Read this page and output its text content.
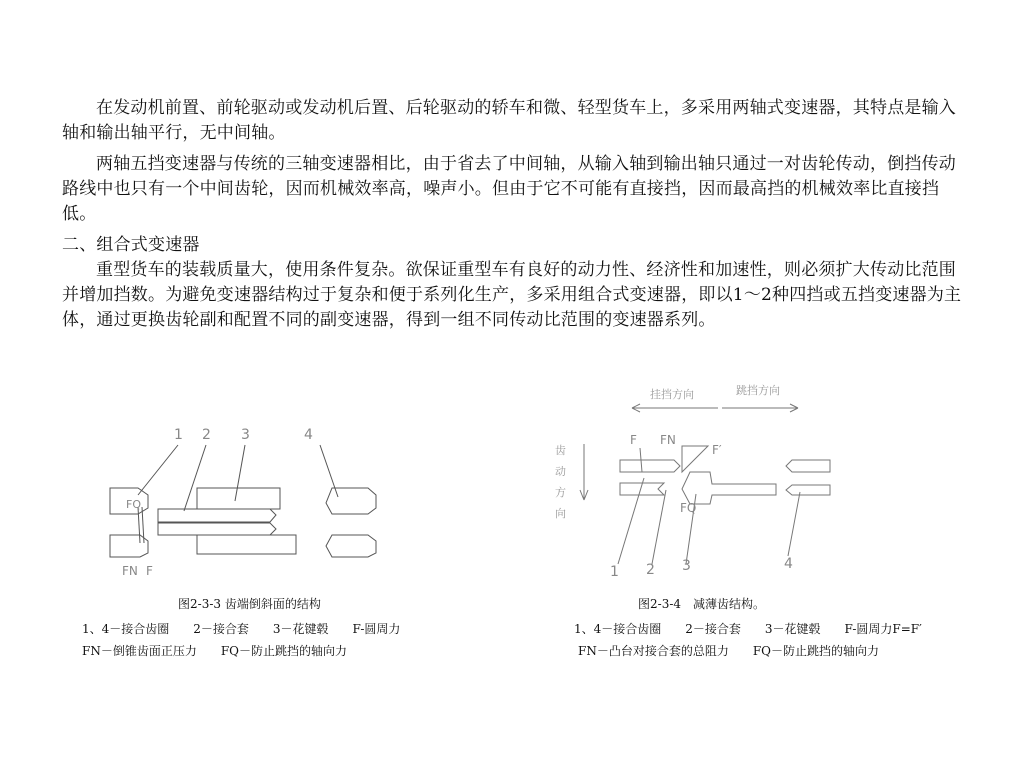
在发动机前置、前轮驱动或发动机后置、后轮驱动的轿车和微、轻型货车上，多采用两轴式变速器，其特点是输入轴和输出轴平行，无中间轴。

两轴五挡变速器与传统的三轴变速器相比，由于省去了中间轴，从输入轴到输出轴只通过一对齿轮传动，倒挡传动路线中也只有一个中间齿轮，因而机械效率高，噪声小。但由于它不可能有直接挡，因而最高挡的机械效率比直接挡低。

二、组合式变速器

重型货车的装载质量大，使用条件复杂。欲保证重型车有良好的动力性、经济性和加速性，则必须扩大传动比范围并增加挡数。为避免变速器结构过于复杂和便于系列化生产，多采用组合式变速器，即以1～2种四挡或五挡变速器为主体，通过更换齿轮副和配置不同的副变速器，得到一组不同传动比范围的变速器系列。

1 2 3	4
FQ
FN F
图2-3-3 齿端倒斜面的结构
1、4－接合齿圈　　2－接合套　　3－花键毂　　F-圆周力
FN－倒锥齿面正压力　　FQ－防止跳挡的轴向力
挂挡方向	跳挡方向
齿
动
方
向
F FN
F′
FQ
1 2 3	4
图2-3-4　减薄齿结构。
1、4－接合齿圈　　2－接合套　　3－花键毂　　F-圆周力F=F′
FN－凸台对接合套的总阻力　　FQ－防止跳挡的轴向力
